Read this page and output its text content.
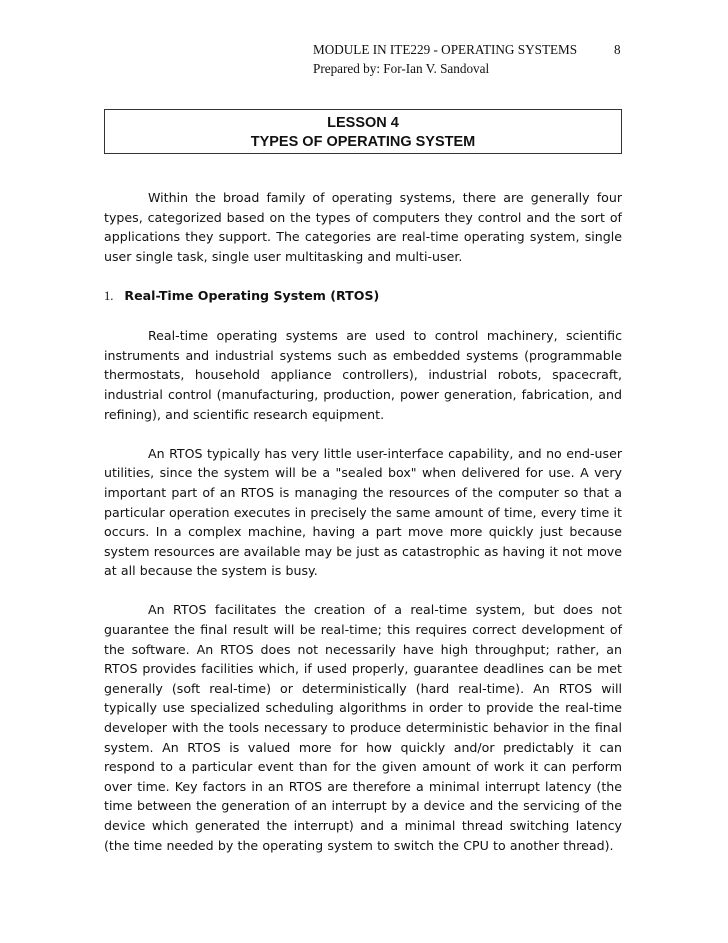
MODULE IN ITE229 - OPERATING SYSTEMS	8
Prepared by: For-Ian V. Sandoval
LESSON 4
TYPES OF OPERATING SYSTEM

Within the broad family of operating systems, there are generally four types, categorized based on the types of computers they control and the sort of applications they support. The categories are real-time operating system, single user single task, single user multitasking and multi-user.

1. Real-Time Operating System (RTOS)

Real-time operating systems are used to control machinery, scientific instruments and industrial systems such as embedded systems (programmable thermostats, household appliance controllers), industrial robots, spacecraft, industrial control (manufacturing, production, power generation, fabrication, and refining), and scientific research equipment.

An RTOS typically has very little user-interface capability, and no end-user utilities, since the system will be a "sealed box" when delivered for use. A very important part of an RTOS is managing the resources of the computer so that a particular operation executes in precisely the same amount of time, every time it occurs. In a complex machine, having a part move more quickly just because system resources are available may be just as catastrophic as having it not move at all because the system is busy.

An RTOS facilitates the creation of a real-time system, but does not guarantee the final result will be real-time; this requires correct development of the software. An RTOS does not necessarily have high throughput; rather, an RTOS provides facilities which, if used properly, guarantee deadlines can be met generally (soft real-time) or deterministically (hard real-time). An RTOS will typically use specialized scheduling algorithms in order to provide the real-time developer with the tools necessary to produce deterministic behavior in the final system. An RTOS is valued more for how quickly and/or predictably it can respond to a particular event than for the given amount of work it can perform over time. Key factors in an RTOS are therefore a minimal interrupt latency (the time between the generation of an interrupt by a device and the servicing of the device which generated the interrupt) and a minimal thread switching latency (the time needed by the operating system to switch the CPU to another thread).
